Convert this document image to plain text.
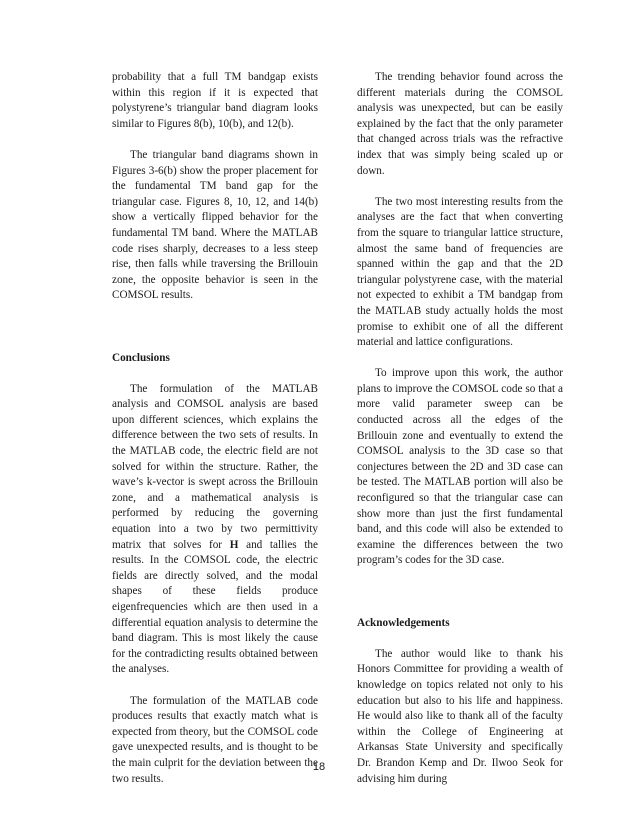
probability that a full TM bandgap exists within this region if it is expected that polystyrene’s triangular band diagram looks similar to Figures 8(b), 10(b), and 12(b).

The triangular band diagrams shown in Figures 3-6(b) show the proper placement for the fundamental TM band gap for the triangular case. Figures 8, 10, 12, and 14(b) show a vertically flipped behavior for the fundamental TM band. Where the MATLAB code rises sharply, decreases to a less steep rise, then falls while traversing the Brillouin zone, the opposite behavior is seen in the COMSOL results.

Conclusions

The formulation of the MATLAB analysis and COMSOL analysis are based upon different sciences, which explains the difference between the two sets of results. In the MATLAB code, the electric field are not solved for within the structure. Rather, the wave’s k-vector is swept across the Brillouin zone, and a mathematical analysis is performed by reducing the governing equation into a two by two permittivity matrix that solves for H and tallies the results. In the COMSOL code, the electric fields are directly solved, and the modal shapes of these fields produce eigenfrequencies which are then used in a differential equation analysis to determine the band diagram. This is most likely the cause for the contradicting results obtained between the analyses.

The formulation of the MATLAB code produces results that exactly match what is expected from theory, but the COMSOL code gave unexpected results, and is thought to be the main culprit for the deviation between the two results.

The trending behavior found across the different materials during the COMSOL analysis was unexpected, but can be easily explained by the fact that the only parameter that changed across trials was the refractive index that was simply being scaled up or down.

The two most interesting results from the analyses are the fact that when converting from the square to triangular lattice structure, almost the same band of frequencies are spanned within the gap and that the 2D triangular polystyrene case, with the material not expected to exhibit a TM bandgap from the MATLAB study actually holds the most promise to exhibit one of all the different material and lattice configurations.

To improve upon this work, the author plans to improve the COMSOL code so that a more valid parameter sweep can be conducted across all the edges of the Brillouin zone and eventually to extend the COMSOL analysis to the 3D case so that conjectures between the 2D and 3D case can be tested. The MATLAB portion will also be reconfigured so that the triangular case can show more than just the first fundamental band, and this code will also be extended to examine the differences between the two program’s codes for the 3D case.

Acknowledgements

The author would like to thank his Honors Committee for providing a wealth of knowledge on topics related not only to his education but also to his life and happiness. He would also like to thank all of the faculty within the College of Engineering at Arkansas State University and specifically Dr. Brandon Kemp and Dr. Ilwoo Seok for advising him during

18
